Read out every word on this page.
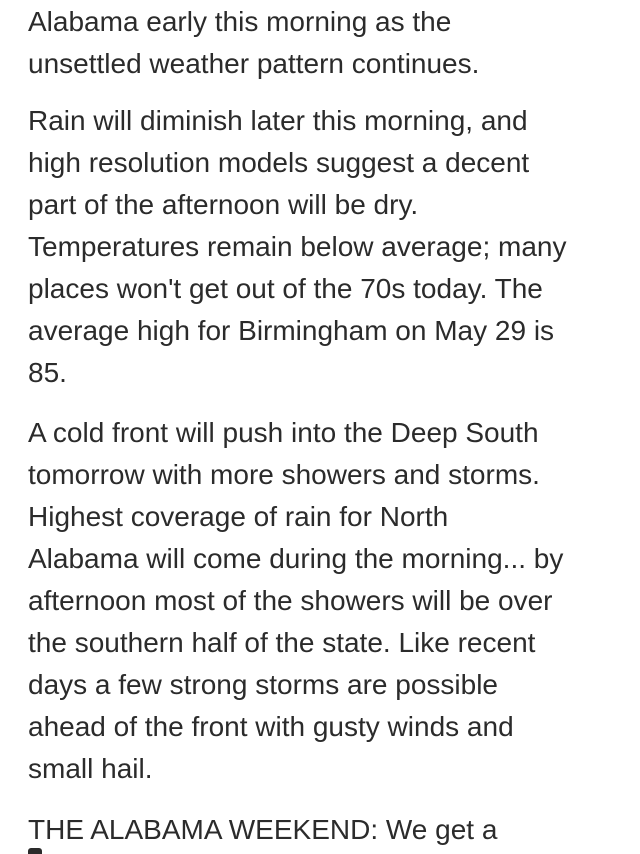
Alabama early this morning as the
unsettled weather pattern continues.

Rain will diminish later this morning, and
high resolution models suggest a decent
part of the afternoon will be dry.
Temperatures remain below average; many
places won't get out of the 70s today. The
average high for Birmingham on May 29 is
85.

A cold front will push into the Deep South
tomorrow with more showers and storms.
Highest coverage of rain for North
Alabama will come during the morning... by
afternoon most of the showers will be over
the southern half of the state. Like recent
days a few strong storms are possible
ahead of the front with gusty winds and
small hail.

THE ALABAMA WEEKEND: We get a
